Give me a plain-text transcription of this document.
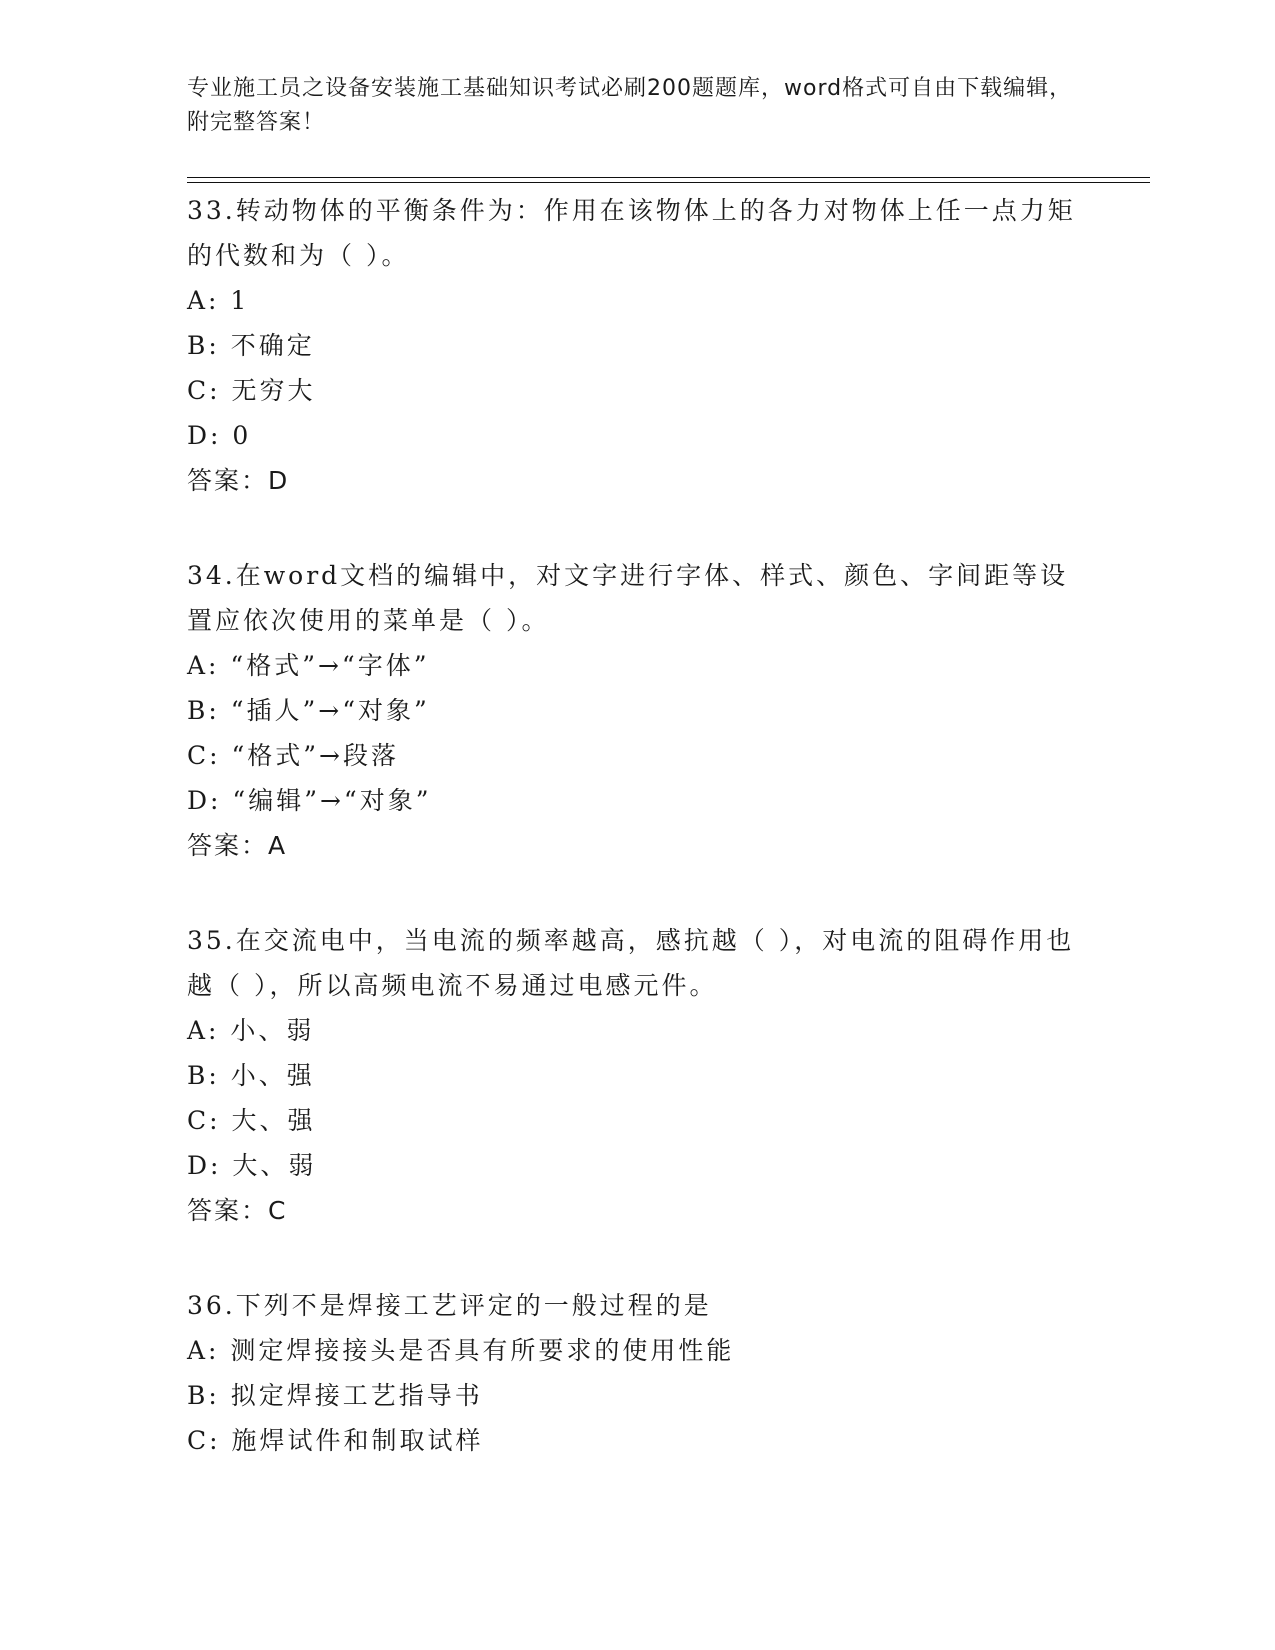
专业施工员之设备安装施工基础知识考试必刷200题题库，word格式可自由下载编辑，附完整答案！

33.转动物体的平衡条件为：作用在该物体上的各力对物体上任一点力矩的代数和为（ ）。

A: 1

B: 不确定

C: 无穷大

D: 0

答案：D

34.在word文档的编辑中，对文字进行字体、样式、颜色、字间距等设置应依次使用的菜单是（ ）。

A: “格式”→“字体”

B: “插人”→“对象”

C: “格式”→段落

D: “编辑”→“对象”

答案：A

35.在交流电中，当电流的频率越高，感抗越（ ），对电流的阻碍作用也越（ ），所以高频电流不易通过电感元件。

A: 小、弱

B: 小、强

C: 大、强

D: 大、弱

答案：C

36.下列不是焊接工艺评定的一般过程的是

A: 测定焊接接头是否具有所要求的使用性能

B: 拟定焊接工艺指导书

C: 施焊试件和制取试样
